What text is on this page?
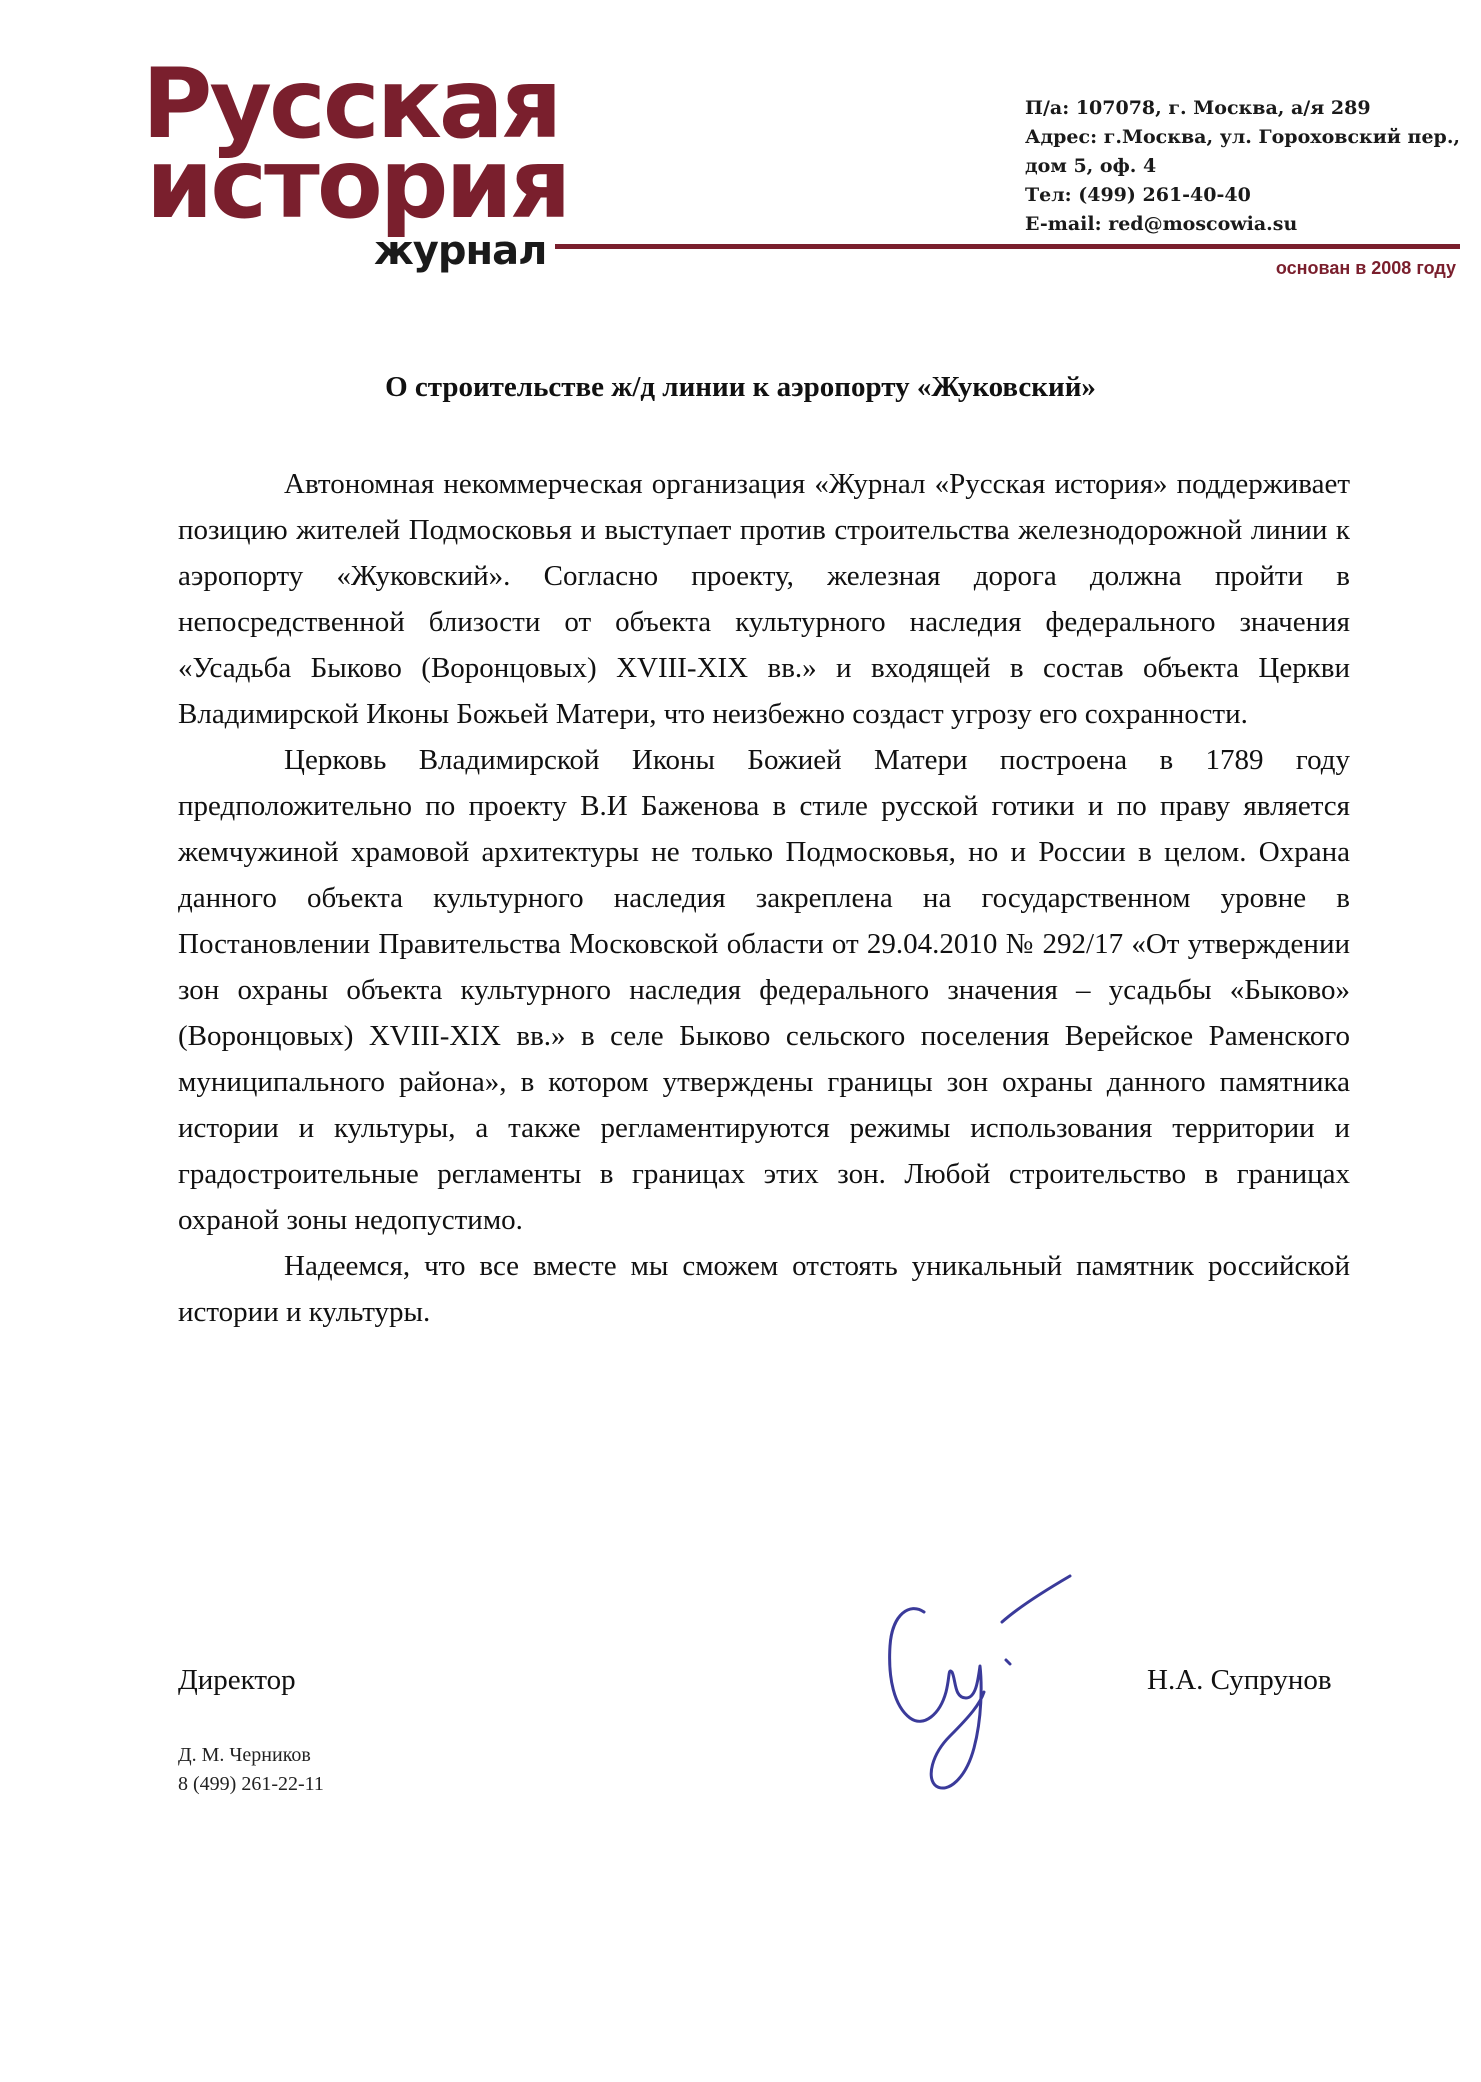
Русская
история
журнал
П/а: 107078, г. Москва, а/я 289
Адрес: г.Москва, ул. Гороховский пер.,
дом 5, оф. 4
Тел: (499) 261-40-40
E-mail: red@moscowia.su
основан в 2008 году
О строительстве ж/д линии к аэропорту «Жуковский»

Автономная некоммерческая организация «Журнал «Русская история» поддерживает позицию жителей Подмосковья и выступает против строительства железнодорожной линии к аэропорту «Жуковский». Согласно проекту, железная дорога должна пройти в непосредственной близости от объекта культурного наследия федерального значения «Усадьба Быково (Воронцовых) XVIII-XIX вв.» и входящей в состав объекта Церкви Владимирской Иконы Божьей Матери, что неизбежно создаст угрозу его сохранности.

Церковь Владимирской Иконы Божией Матери построена в 1789 году предположительно по проекту В.И Баженова в стиле русской готики и по праву является жемчужиной храмовой архитектуры не только Подмосковья, но и России в целом. Охрана данного объекта культурного наследия закреплена на государственном уровне в Постановлении Правительства Московской области от 29.04.2010 № 292/17 «От утверждении зон охраны объекта культурного наследия федерального значения – усадьбы «Быково» (Воронцовых) XVIII-XIX вв.» в селе Быково сельского поселения Верейское Раменского муниципального района», в котором утверждены границы зон охраны данного памятника истории и культуры, а также регламентируются режимы использования территории и градостроительные регламенты в границах этих зон. Любой строительство в границах охраной зоны недопустимо.

Надеемся, что все вместе мы сможем отстоять уникальный памятник российской истории и культуры.

Директор	Н.А. Супрунов
Д. М. Черников
8 (499) 261-22-11
